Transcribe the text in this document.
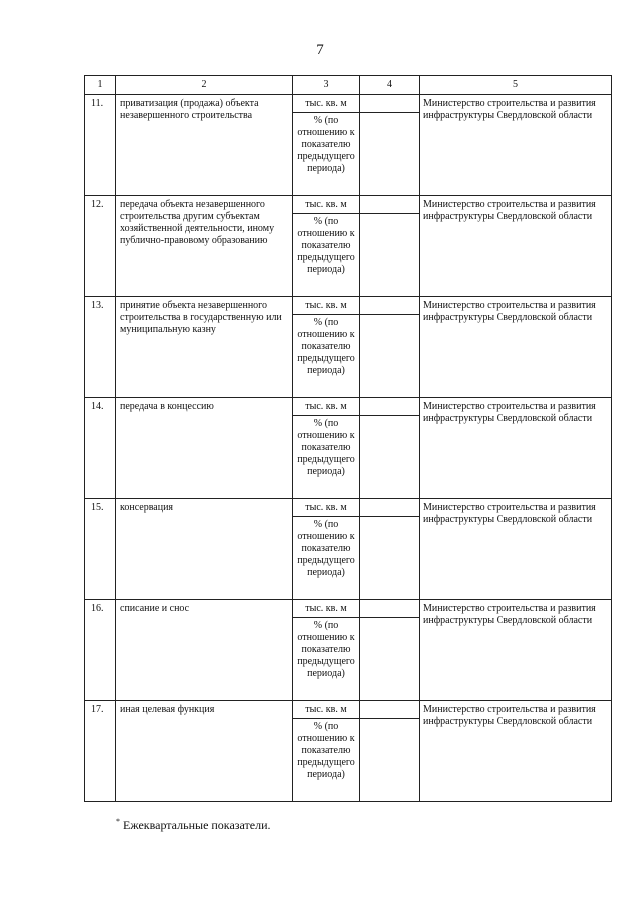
7
1	2	3	4	5
11.	приватизация (продажа) объекта незавершенного строительства	тыс. кв. м		Министерство строительства и развития инфраструктуры Свердловской области
		% (по отношению к показателю предыдущего периода)		
12.	передача объекта незавершенного строительства другим субъектам хозяйственной деятельности, иному публично-правовому образованию	тыс. кв. м		Министерство строительства и развития инфраструктуры Свердловской области
		% (по отношению к показателю предыдущего периода)		
13.	принятие объекта незавершенного строительства в государственную или муниципальную казну	тыс. кв. м		Министерство строительства и развития инфраструктуры Свердловской области
		% (по отношению к показателю предыдущего периода)		
14.	передача в концессию	тыс. кв. м		Министерство строительства и развития инфраструктуры Свердловской области
		% (по отношению к показателю предыдущего периода)		
15.	консервация	тыс. кв. м		Министерство строительства и развития инфраструктуры Свердловской области
		% (по отношению к показателю предыдущего периода)		
16.	списание и снос	тыс. кв. м		Министерство строительства и развития инфраструктуры Свердловской области
		% (по отношению к показателю предыдущего периода)		
17.	иная целевая функция	тыс. кв. м		Министерство строительства и развития инфраструктуры Свердловской области
		% (по отношению к показателю предыдущего периода)		
* Ежеквартальные показатели.
